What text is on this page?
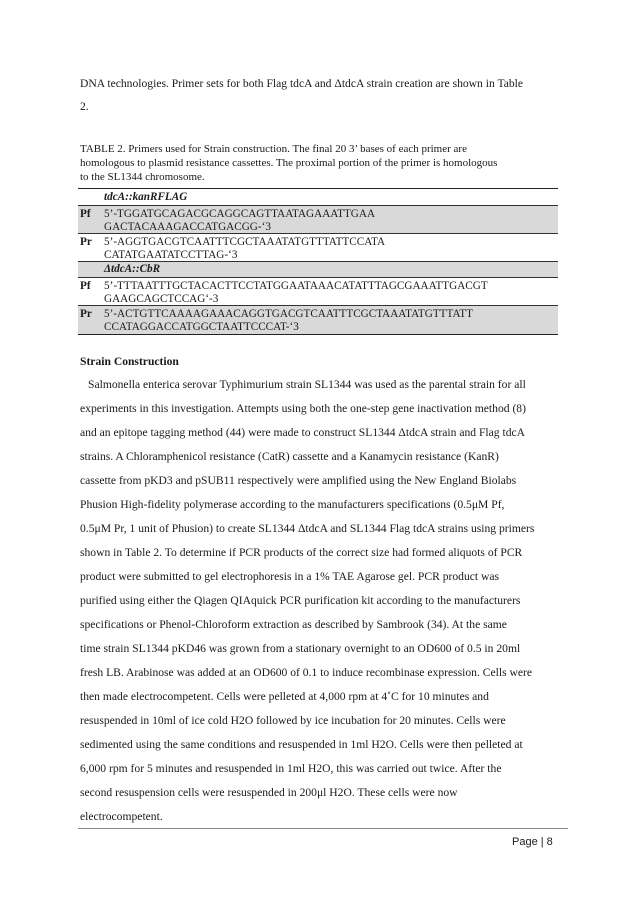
DNA technologies. Primer sets for both Flag tdcA and ΔtdcA strain creation are shown in Table
2.
TABLE 2. Primers used for Strain construction. The final 20 3’ bases of each primer are
homologous to plasmid resistance cassettes. The proximal portion of the primer is homologous
to the SL1344 chromosome.
tdcA::kanRFLAG
Pf 5’-TGGATGCAGACGCAGGCAGTTAATAGAAATTGAA
GACTACAAAGACCATGACGG-‘3
Pr 5’-AGGTGACGTCAATTTCGCTAAATATGTTTATTCCATA
CATATGAATATCCTTAG-‘3
ΔtdcA::CbR
Pf 5’-TTTAATTTGCTACACTTCCTATGGAATAAACATATTTAGCGAAATTGACGT
GAAGCAGCTCCAG‘-3
Pr 5’-ACTGTTCAAAAGAAACAGGTGACGTCAATTTCGCTAAATATGTTTATT
CCATAGGACCATGGCTAATTCCCAT-‘3
Strain Construction
Salmonella enterica serovar Typhimurium strain SL1344 was used as the parental strain for all
experiments in this investigation. Attempts using both the one-step gene inactivation method (8)
and an epitope tagging method (44) were made to construct SL1344 ΔtdcA strain and Flag tdcA
strains. A Chloramphenicol resistance (CatR) cassette and a Kanamycin resistance (KanR)
cassette from pKD3 and pSUB11 respectively were amplified using the New England Biolabs
Phusion High-fidelity polymerase according to the manufacturers specifications (0.5μM Pf,
0.5μM Pr, 1 unit of Phusion) to create SL1344 ΔtdcA and SL1344 Flag tdcA strains using primers
shown in Table 2. To determine if PCR products of the correct size had formed aliquots of PCR
product were submitted to gel electrophoresis in a 1% TAE Agarose gel. PCR product was
purified using either the Qiagen QIAquick PCR purification kit according to the manufacturers
specifications or Phenol-Chloroform extraction as described by Sambrook (34). At the same
time strain SL1344 pKD46 was grown from a stationary overnight to an OD600 of 0.5 in 20ml
fresh LB. Arabinose was added at an OD600 of 0.1 to induce recombinase expression. Cells were
then made electrocompetent. Cells were pelleted at 4,000 rpm at 4˚C for 10 minutes and
resuspended in 10ml of ice cold H2O followed by ice incubation for 20 minutes. Cells were
sedimented using the same conditions and resuspended in 1ml H2O. Cells were then pelleted at
6,000 rpm for 5 minutes and resuspended in 1ml H2O, this was carried out twice. After the
second resuspension cells were resuspended in 200μl H2O. These cells were now
electrocompetent.
Page | 8
